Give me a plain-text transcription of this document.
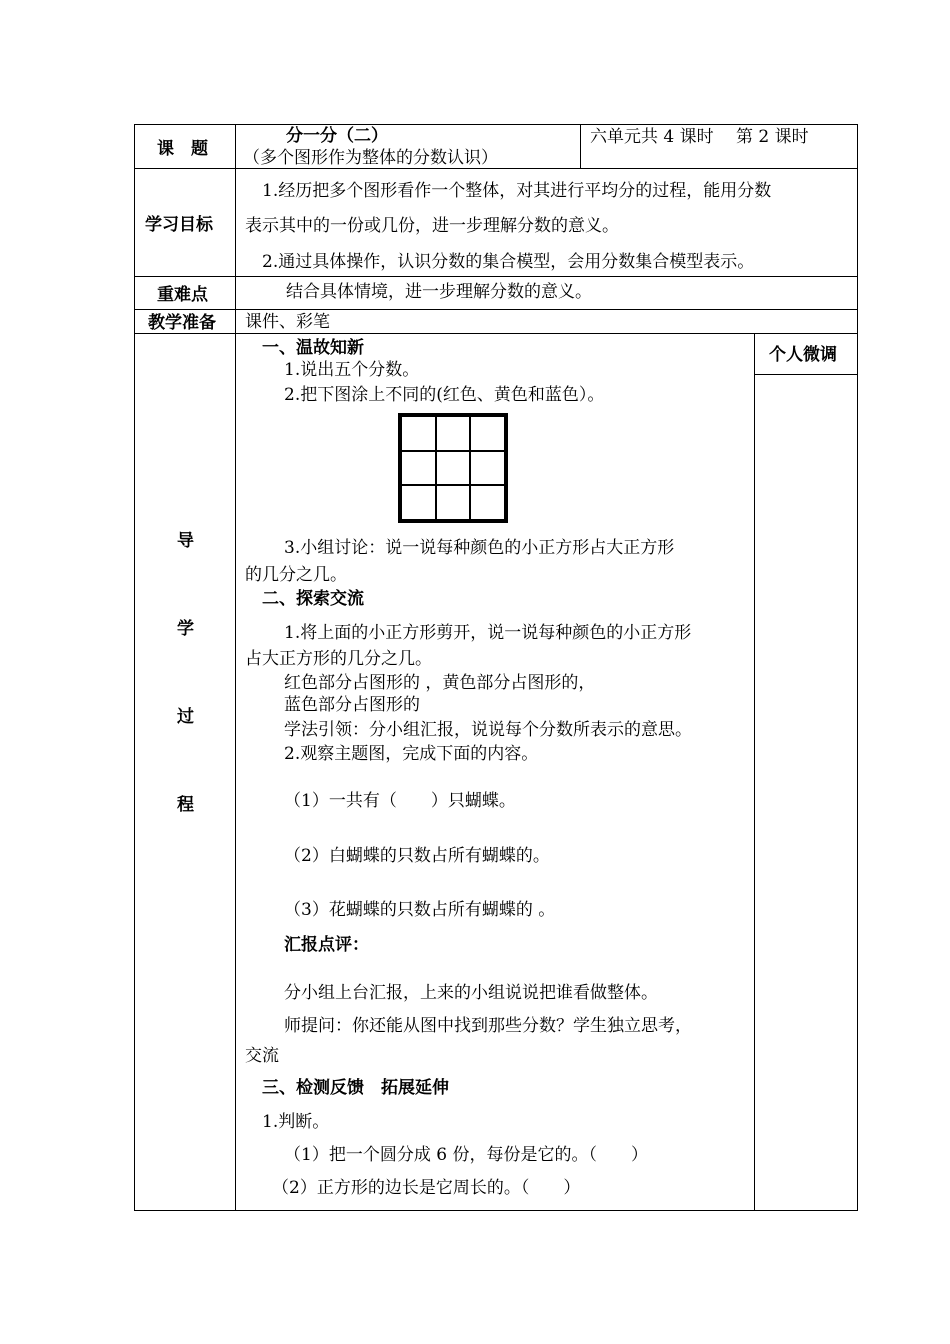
课　题
分一分（二）
（多个图形作为整体的分数认识）
六单元共 4 课时　 第 2 课时
学习目标
1.经历把多个图形看作一个整体，对其进行平均分的过程，能用分数
表示其中的一份或几份，进一步理解分数的意义。
2.通过具体操作，认识分数的集合模型，会用分数集合模型表示。
重难点	结合具体情境，进一步理解分数的意义。
教学准备 课件、彩笔
导
学
过
程
个人微调
一、温故知新
1.说出五个分数。
2.把下图涂上不同的(红色、黄色和蓝色）。
3.小组讨论：说一说每种颜色的小正方形占大正方形
的几分之几。
二、探索交流
1.将上面的小正方形剪开，说一说每种颜色的小正方形
占大正方形的几分之几。
红色部分占图形的 ，黄色部分占图形的，
蓝色部分占图形的
学法引领：分小组汇报，说说每个分数所表示的意思。
2.观察主题图，完成下面的内容。
（1）一共有（　　）只蝴蝶。
（2）白蝴蝶的只数占所有蝴蝶的。
（3）花蝴蝶的只数占所有蝴蝶的 。
汇报点评：
分小组上台汇报，上来的小组说说把谁看做整体。
师提问：你还能从图中找到那些分数？学生独立思考，
交流
三、检测反馈　拓展延伸
1.判断。
（1）把一个圆分成 6 份，每份是它的。（　　）
（2）正方形的边长是它周长的。（　　）
